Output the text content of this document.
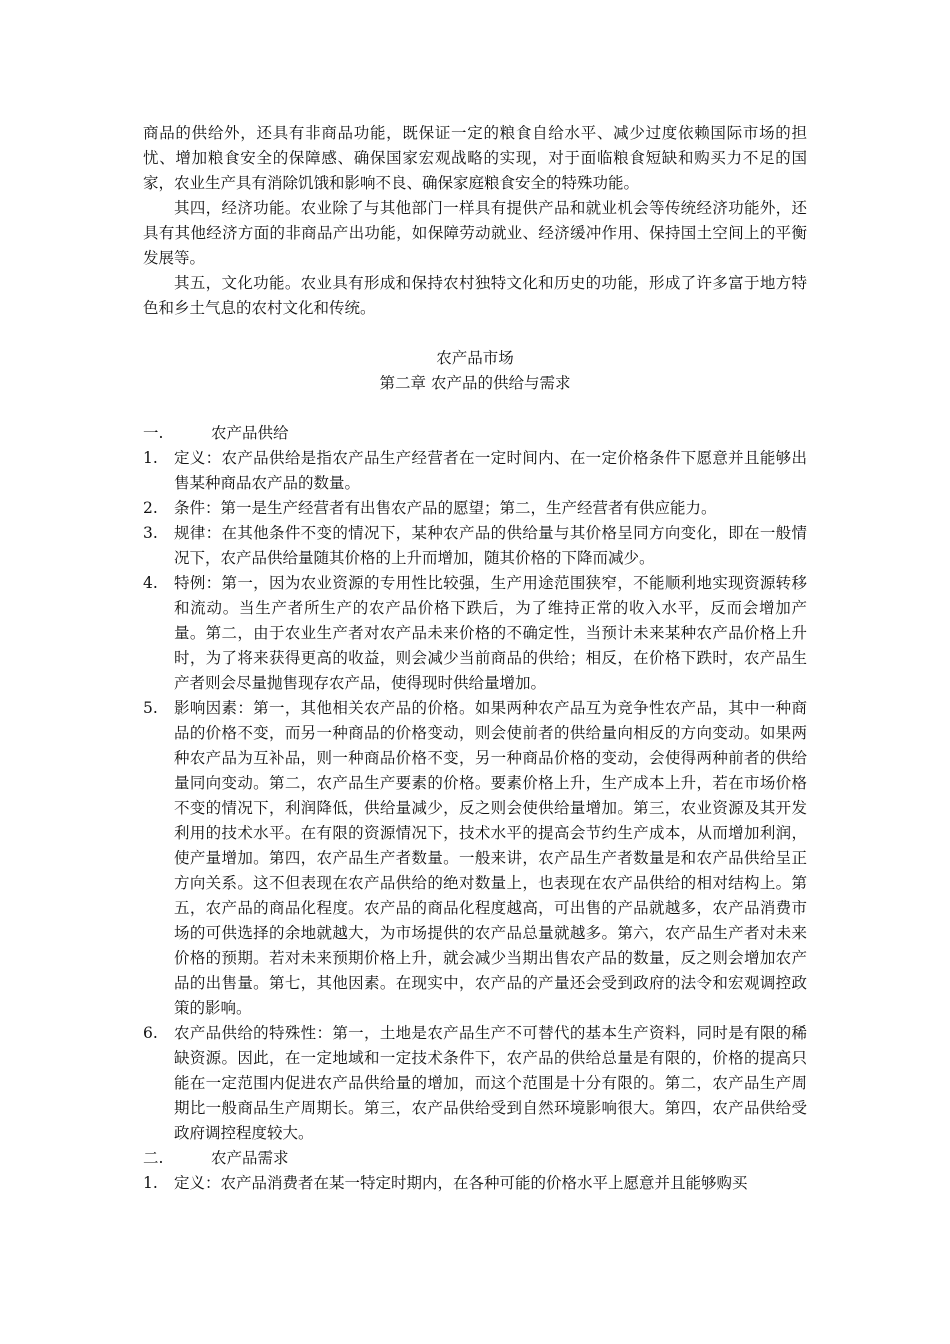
商品的供给外，还具有非商品功能，既保证一定的粮食自给水平、减少过度依赖国际市场的担忧、增加粮食安全的保障感、确保国家宏观战略的实现，对于面临粮食短缺和购买力不足的国家，农业生产具有消除饥饿和影响不良、确保家庭粮食安全的特殊功能。

其四，经济功能。农业除了与其他部门一样具有提供产品和就业机会等传统经济功能外，还具有其他经济方面的非商品产出功能，如保障劳动就业、经济缓冲作用、保持国土空间上的平衡发展等。

其五，文化功能。农业具有形成和保持农村独特文化和历史的功能，形成了许多富于地方特色和乡土气息的农村文化和传统。

农产品市场

第二章 农产品的供给与需求

一.	农产品供给
1.	定义：农产品供给是指农产品生产经营者在一定时间内、在一定价格条件下愿意并且能够出售某种商品农产品的数量。
2.	条件：第一是生产经营者有出售农产品的愿望；第二，生产经营者有供应能力。
3.	规律：在其他条件不变的情况下，某种农产品的供给量与其价格呈同方向变化，即在一般情况下，农产品供给量随其价格的上升而增加，随其价格的下降而减少。
4.	特例：第一，因为农业资源的专用性比较强，生产用途范围狭窄，不能顺利地实现资源转移和流动。当生产者所生产的农产品价格下跌后，为了维持正常的收入水平，反而会增加产量。第二，由于农业生产者对农产品未来价格的不确定性，当预计未来某种农产品价格上升时，为了将来获得更高的收益，则会减少当前商品的供给；相反，在价格下跌时，农产品生产者则会尽量抛售现存农产品，使得现时供给量增加。
5.	影响因素：第一，其他相关农产品的价格。如果两种农产品互为竞争性农产品，其中一种商品的价格不变，而另一种商品的价格变动，则会使前者的供给量向相反的方向变动。如果两种农产品为互补品，则一种商品价格不变，另一种商品价格的变动，会使得两种前者的供给量同向变动。第二，农产品生产要素的价格。要素价格上升，生产成本上升，若在市场价格不变的情况下，利润降低，供给量减少，反之则会使供给量增加。第三，农业资源及其开发利用的技术水平。在有限的资源情况下，技术水平的提高会节约生产成本，从而增加利润，使产量增加。第四，农产品生产者数量。一般来讲，农产品生产者数量是和农产品供给呈正方向关系。这不但表现在农产品供给的绝对数量上，也表现在农产品供给的相对结构上。第五，农产品的商品化程度。农产品的商品化程度越高，可出售的产品就越多，农产品消费市场的可供选择的余地就越大，为市场提供的农产品总量就越多。第六，农产品生产者对未来价格的预期。若对未来预期价格上升，就会减少当期出售农产品的数量，反之则会增加农产品的出售量。第七，其他因素。在现实中，农产品的产量还会受到政府的法令和宏观调控政策的影响。
6.	农产品供给的特殊性：第一，土地是农产品生产不可替代的基本生产资料，同时是有限的稀缺资源。因此，在一定地域和一定技术条件下，农产品的供给总量是有限的，价格的提高只能在一定范围内促进农产品供给量的增加，而这个范围是十分有限的。第二，农产品生产周期比一般商品生产周期长。第三，农产品供给受到自然环境影响很大。第四，农产品供给受政府调控程度较大。
二.	农产品需求
1.	定义：农产品消费者在某一特定时期内，在各种可能的价格水平上愿意并且能够购买
